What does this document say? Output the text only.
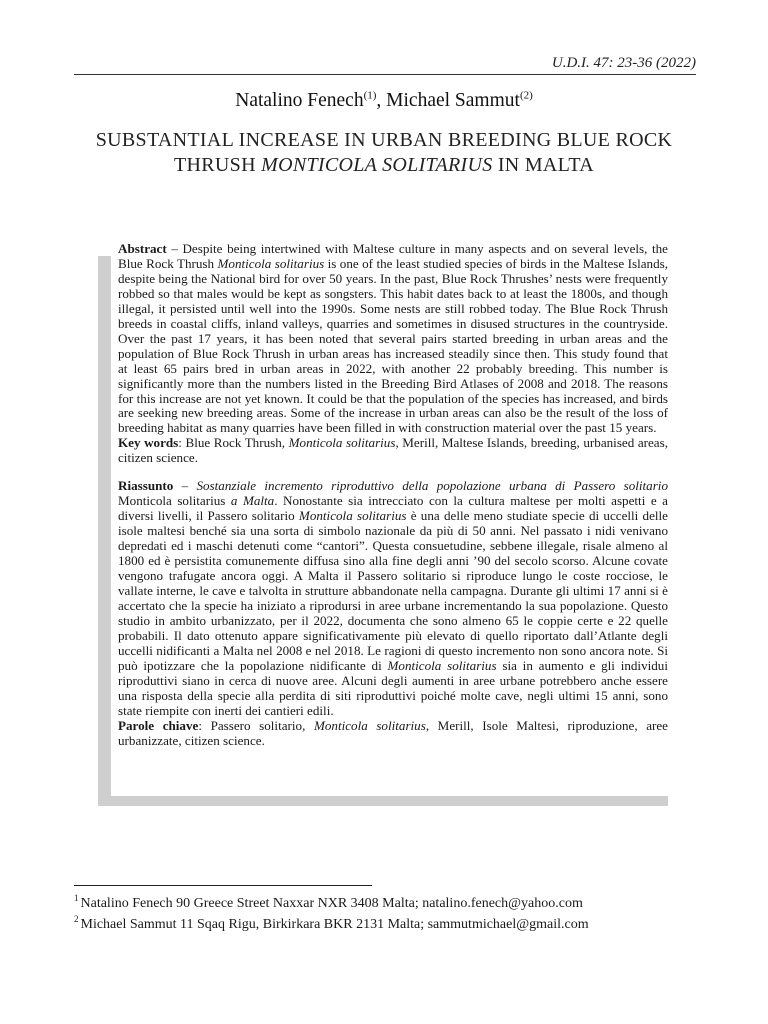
U.D.I. 47: 23-36 (2022)
Natalino Fenech$^{(1)}$, Michael Sammut$^{(2)}$
SUBSTANTIAL INCREASE IN URBAN BREEDING BLUE ROCK THRUSH MONTICOLA SOLITARIUS IN MALTA

Abstract – Despite being intertwined with Maltese culture in many aspects and on several levels, the Blue Rock Thrush Monticola solitarius is one of the least studied species of birds in the Maltese Islands, despite being the National bird for over 50 years. In the past, Blue Rock Thrushes’ nests were frequently robbed so that males would be kept as songsters. This habit dates back to at least the 1800s, and though illegal, it persisted until well into the 1990s. Some nests are still robbed today. The Blue Rock Thrush breeds in coastal cliffs, inland valleys, quarries and sometimes in disused structures in the countryside. Over the past 17 years, it has been noted that several pairs started breeding in urban areas and the population of Blue Rock Thrush in urban areas has increased steadily since then. This study found that at least 65 pairs bred in urban areas in 2022, with another 22 probably breeding. This number is significantly more than the numbers listed in the Breeding Bird Atlases of 2008 and 2018. The reasons for this increase are not yet known. It could be that the population of the species has increased, and birds are seeking new breeding areas. Some of the increase in urban areas can also be the result of the loss of breeding habitat as many quarries have been filled in with construction material over the past 15 years.

Key words: Blue Rock Thrush, Monticola solitarius, Merill, Maltese Islands, breeding, urbanised areas, citizen science.

Riassunto – Sostanziale incremento riproduttivo della popolazione urbana di Passero solitario Monticola solitarius a Malta. Nonostante sia intrecciato con la cultura maltese per molti aspetti e a diversi livelli, il Passero solitario Monticola solitarius è una delle meno studiate specie di uccelli delle isole maltesi benché sia una sorta di simbolo nazionale da più di 50 anni. Nel passato i nidi venivano depredati ed i maschi detenuti come “cantori”. Questa consuetudine, sebbene illegale, risale almeno al 1800 ed è persistita comunemente diffusa sino alla fine degli anni ’90 del secolo scorso. Alcune covate vengono trafugate ancora oggi. A Malta il Passero solitario si riproduce lungo le coste rocciose, le vallate interne, le cave e talvolta in strutture abbandonate nella campagna. Durante gli ultimi 17 anni si è accertato che la specie ha iniziato a riprodursi in aree urbane incrementando la sua popolazione. Questo studio in ambito urbanizzato, per il 2022, documenta che sono almeno 65 le coppie certe e 22 quelle probabili. Il dato ottenuto appare significativamente più elevato di quello riportato dall’Atlante degli uccelli nidificanti a Malta nel 2008 e nel 2018. Le ragioni di questo incremento non sono ancora note. Si può ipotizzare che la popolazione nidificante di Monticola solitarius sia in aumento e gli individui riproduttivi siano in cerca di nuove aree. Alcuni degli aumenti in aree urbane potrebbero anche essere una risposta della specie alla perdita di siti riproduttivi poiché molte cave, negli ultimi 15 anni, sono state riempite con inerti dei cantieri edili.

Parole chiave: Passero solitario, Monticola solitarius, Merill, Isole Maltesi, riproduzione, aree urbanizzate, citizen science.

$^1$ Natalino Fenech 90 Greece Street Naxxar NXR 3408 Malta; natalino.fenech@yahoo.com

$^2$ Michael Sammut 11 Sqaq Rigu, Birkirkara BKR 2131 Malta; sammutmichael@gmail.com
